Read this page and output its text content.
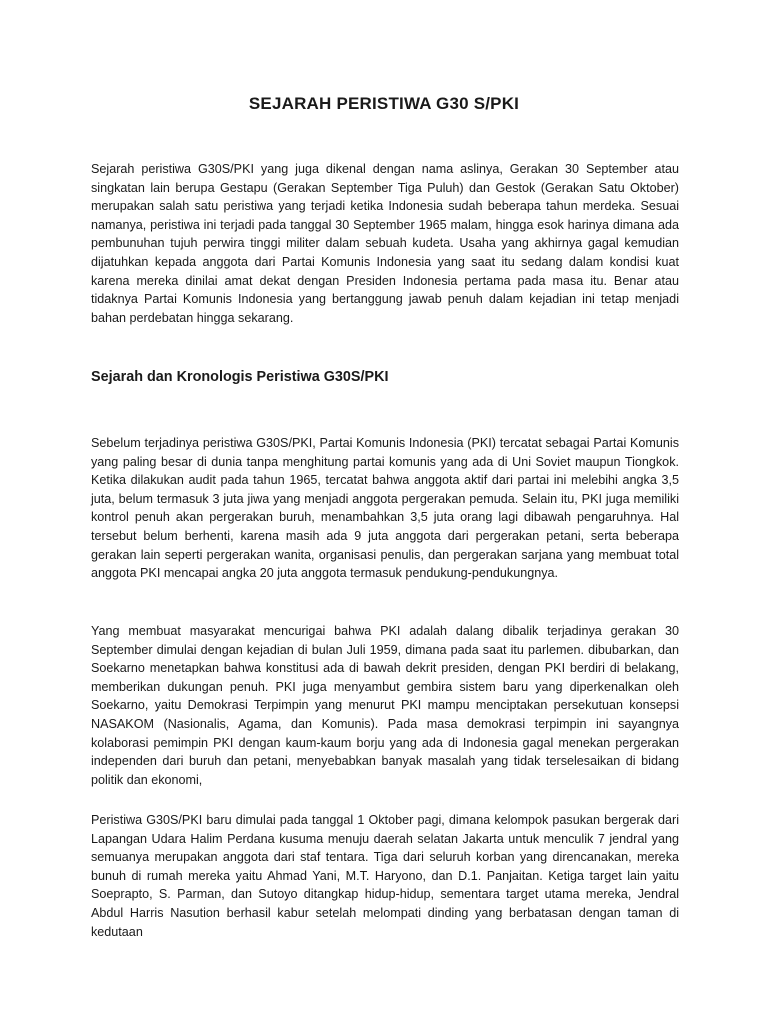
SEJARAH PERISTIWA G30 S/PKI

Sejarah peristiwa G30S/PKI yang juga dikenal dengan nama aslinya, Gerakan 30 September atau singkatan lain berupa Gestapu (Gerakan September Tiga Puluh) dan Gestok (Gerakan Satu Oktober) merupakan salah satu peristiwa yang terjadi ketika Indonesia sudah beberapa tahun merdeka. Sesuai namanya, peristiwa ini terjadi pada tanggal 30 September 1965 malam, hingga esok harinya dimana ada pembunuhan tujuh perwira tinggi militer dalam sebuah kudeta. Usaha yang akhirnya gagal kemudian dijatuhkan kepada anggota dari Partai Komunis Indonesia yang saat itu sedang dalam kondisi kuat karena mereka dinilai amat dekat dengan Presiden Indonesia pertama pada masa itu. Benar atau tidaknya Partai Komunis Indonesia yang bertanggung jawab penuh dalam kejadian ini tetap menjadi bahan perdebatan hingga sekarang.

Sejarah dan Kronologis Peristiwa G30S/PKI

Sebelum terjadinya peristiwa G30S/PKI, Partai Komunis Indonesia (PKI) tercatat sebagai Partai Komunis yang paling besar di dunia tanpa menghitung partai komunis yang ada di Uni Soviet maupun Tiongkok. Ketika dilakukan audit pada tahun 1965, tercatat bahwa anggota aktif dari partai ini melebihi angka 3,5 juta, belum termasuk 3 juta jiwa yang menjadi anggota pergerakan pemuda. Selain itu, PKI juga memiliki kontrol penuh akan pergerakan buruh, menambahkan 3,5 juta orang lagi dibawah pengaruhnya. Hal tersebut belum berhenti, karena masih ada 9 juta anggota dari pergerakan petani, serta beberapa gerakan lain seperti pergerakan wanita, organisasi penulis, dan pergerakan sarjana yang membuat total anggota PKI mencapai angka 20 juta anggota termasuk pendukung-pendukungnya.

Yang membuat masyarakat mencurigai bahwa PKI adalah dalang dibalik terjadinya gerakan 30 September dimulai dengan kejadian di bulan Juli 1959, dimana pada saat itu parlemen. dibubarkan, dan Soekarno menetapkan bahwa konstitusi ada di bawah dekrit presiden, dengan PKI berdiri di belakang, memberikan dukungan penuh. PKI juga menyambut gembira sistem baru yang diperkenalkan oleh Soekarno, yaitu Demokrasi Terpimpin yang menurut PKI mampu menciptakan persekutuan konsepsi NASAKOM (Nasionalis, Agama, dan Komunis). Pada masa demokrasi terpimpin ini sayangnya kolaborasi pemimpin PKI dengan kaum-kaum borju yang ada di Indonesia gagal menekan pergerakan independen dari buruh dan petani, menyebabkan banyak masalah yang tidak terselesaikan di bidang politik dan ekonomi,

Peristiwa G30S/PKI baru dimulai pada tanggal 1 Oktober pagi, dimana kelompok pasukan bergerak dari Lapangan Udara Halim Perdana kusuma menuju daerah selatan Jakarta untuk menculik 7 jendral yang semuanya merupakan anggota dari staf tentara. Tiga dari seluruh korban yang direncanakan, mereka bunuh di rumah mereka yaitu Ahmad Yani, M.T. Haryono, dan D.1. Panjaitan. Ketiga target lain yaitu Soeprapto, S. Parman, dan Sutoyo ditangkap hidup-hidup, sementara target utama mereka, Jendral Abdul Harris Nasution berhasil kabur setelah melompati dinding yang berbatasan dengan taman di kedutaan
